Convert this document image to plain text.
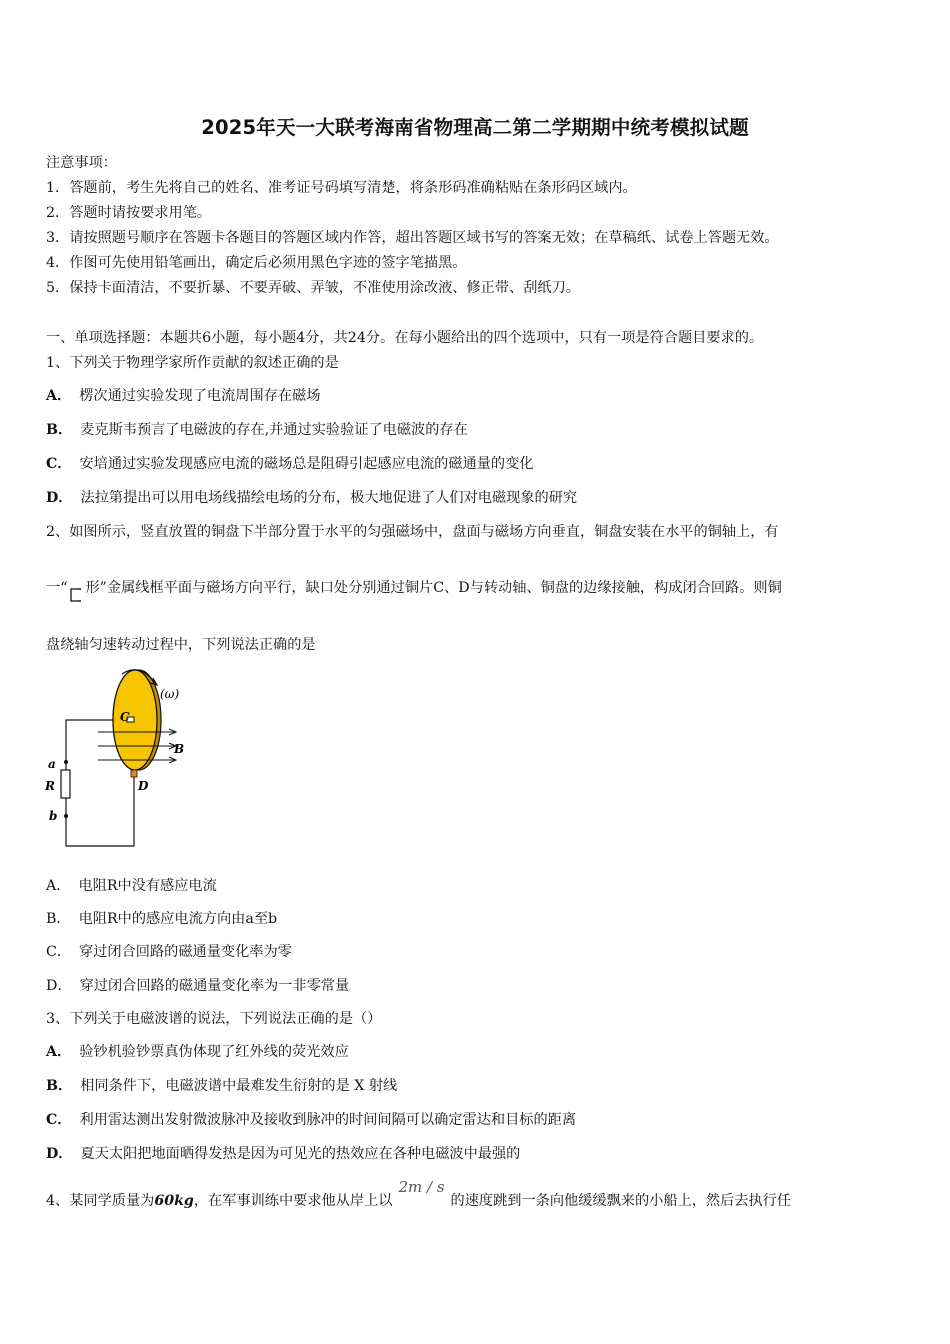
2025年天一大联考海南省物理高二第二学期期中统考模拟试题
注意事项：
1．答题前，考生先将自己的姓名、准考证号码填写清楚，将条形码准确粘贴在条形码区域内。
2．答题时请按要求用笔。
3．请按照题号顺序在答题卡各题目的答题区域内作答，超出答题区域书写的答案无效；在草稿纸、试卷上答题无效。
4．作图可先使用铅笔画出，确定后必须用黑色字迹的签字笔描黑。
5．保持卡面清洁，不要折暴、不要弄破、弄皱，不准使用涂改液、修正带、刮纸刀。
一、单项选择题：本题共6小题，每小题4分，共24分。在每小题给出的四个选项中，只有一项是符合题目要求的。
1、下列关于物理学家所作贡献的叙述正确的是
A． 楞次通过实验发现了电流周围存在磁场
B． 麦克斯韦预言了电磁波的存在,并通过实验验证了电磁波的存在
C． 安培通过实验发现感应电流的磁场总是阻碍引起感应电流的磁通量的变化
D． 法拉第提出可以用电场线描绘电场的分布，极大地促进了人们对电磁现象的研究
2、如图所示，竖直放置的铜盘下半部分置于水平的匀强磁场中，盘面与磁场方向垂直，铜盘安装在水平的铜轴上，有
一“ 形”金属线框平面与磁场方向平行，缺口处分别通过铜片C、D与转动轴、铜盘的边缘接触，构成闭合回路。则铜
盘绕轴匀速转动过程中，下列说法正确的是
C
D
B
a
R
b
(ω)
A． 电阻R中没有感应电流
B． 电阻R中的感应电流方向由a至b
C． 穿过闭合回路的磁通量变化率为零
D． 穿过闭合回路的磁通量变化率为一非零常量
3、下列关于电磁波谱的说法，下列说法正确的是（）
A． 验钞机验钞票真伪体现了红外线的荧光效应
B． 相同条件下，电磁波谱中最难发生衍射的是 X 射线
C． 利用雷达测出发射微波脉冲及接收到脉冲的时间间隔可以确定雷达和目标的距离
D． 夏天太阳把地面晒得发热是因为可见光的热效应在各种电磁波中最强的
4、某同学质量为60kg，在军事训练中要求他从岸上以2m / s的速度跳到一条向他缓缓飘来的小船上，然后去执行任
